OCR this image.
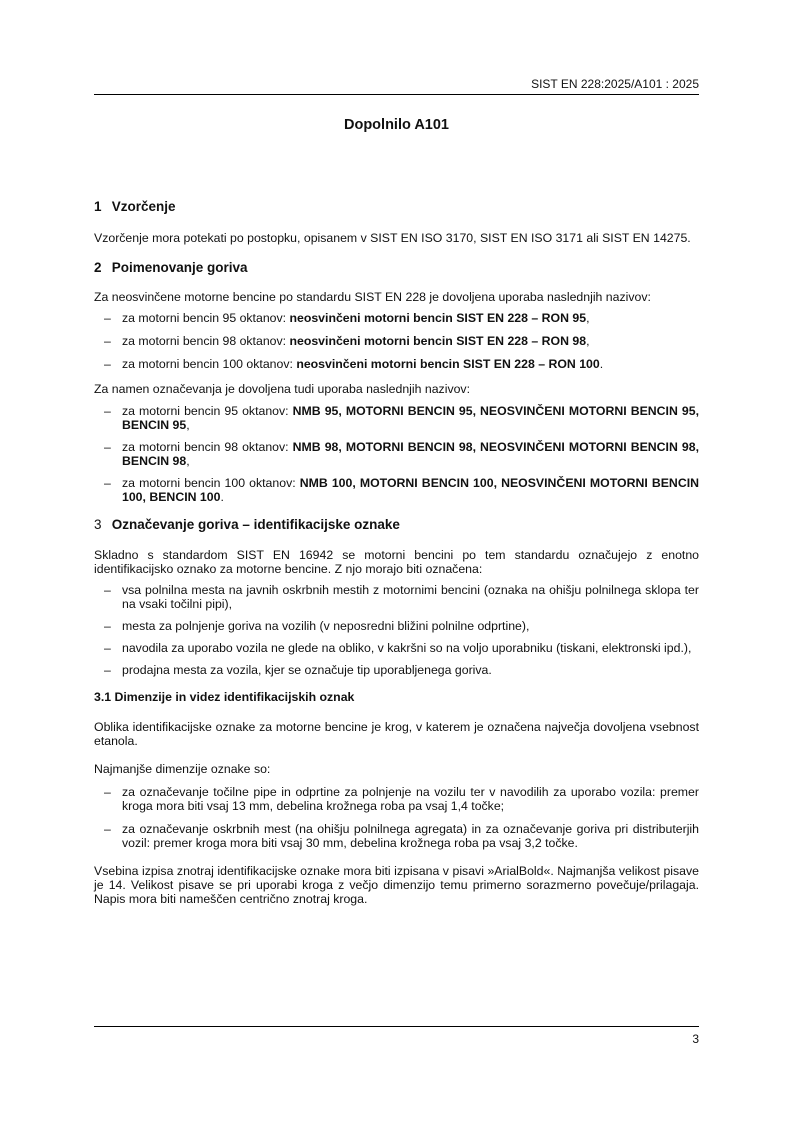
SIST EN 228:2025/A101 : 2025
Dopolnilo A101
1 Vzorčenje

Vzorčenje mora potekati po postopku, opisanem v SIST EN ISO 3170, SIST EN ISO 3171 ali SIST EN 14275.

2 Poimenovanje goriva

Za neosvinčene motorne bencine po standardu SIST EN 228 je dovoljena uporaba naslednjih nazivov:

– za motorni bencin 95 oktanov: neosvinčeni motorni bencin SIST EN 228 – RON 95,
– za motorni bencin 98 oktanov: neosvinčeni motorni bencin SIST EN 228 – RON 98,
– za motorni bencin 100 oktanov: neosvinčeni motorni bencin SIST EN 228 – RON 100.

Za namen označevanja je dovoljena tudi uporaba naslednjih nazivov:

– za motorni bencin 95 oktanov: NMB 95, MOTORNI BENCIN 95, NEOSVINČENI MOTORNI BENCIN 95, BENCIN 95,
– za motorni bencin 98 oktanov: NMB 98, MOTORNI BENCIN 98, NEOSVINČENI MOTORNI BENCIN 98, BENCIN 98,
– za motorni bencin 100 oktanov: NMB 100, MOTORNI BENCIN 100, NEOSVINČENI MOTORNI BENCIN 100, BENCIN 100.
3 Označevanje goriva – identifikacijske oznake

Skladno s standardom SIST EN 16942 se motorni bencini po tem standardu označujejo z enotno identifikacijsko oznako za motorne bencine. Z njo morajo biti označena:

– vsa polnilna mesta na javnih oskrbnih mestih z motornimi bencini (oznaka na ohišju polnilnega sklopa ter na vsaki točilni pipi),
– mesta za polnjenje goriva na vozilih (v neposredni bližini polnilne odprtine),
– navodila za uporabo vozila ne glede na obliko, v kakršni so na voljo uporabniku (tiskani, elektronski ipd.),
– prodajna mesta za vozila, kjer se označuje tip uporabljenega goriva.
3.1 Dimenzije in videz identifikacijskih oznak

Oblika identifikacijske oznake za motorne bencine je krog, v katerem je označena največja dovoljena vsebnost etanola.

Najmanjše dimenzije oznake so:

– za označevanje točilne pipe in odprtine za polnjenje na vozilu ter v navodilih za uporabo vozila: premer kroga mora biti vsaj 13 mm, debelina krožnega roba pa vsaj 1,4 točke;
– za označevanje oskrbnih mest (na ohišju polnilnega agregata) in za označevanje goriva pri distributerjih vozil: premer kroga mora biti vsaj 30 mm, debelina krožnega roba pa vsaj 3,2 točke.

Vsebina izpisa znotraj identifikacijske oznake mora biti izpisana v pisavi »ArialBold«. Najmanjša velikost pisave je 14. Velikost pisave se pri uporabi kroga z večjo dimenzijo temu primerno sorazmerno povečuje/prilagaja. Napis mora biti nameščen centrično znotraj kroga.

3
